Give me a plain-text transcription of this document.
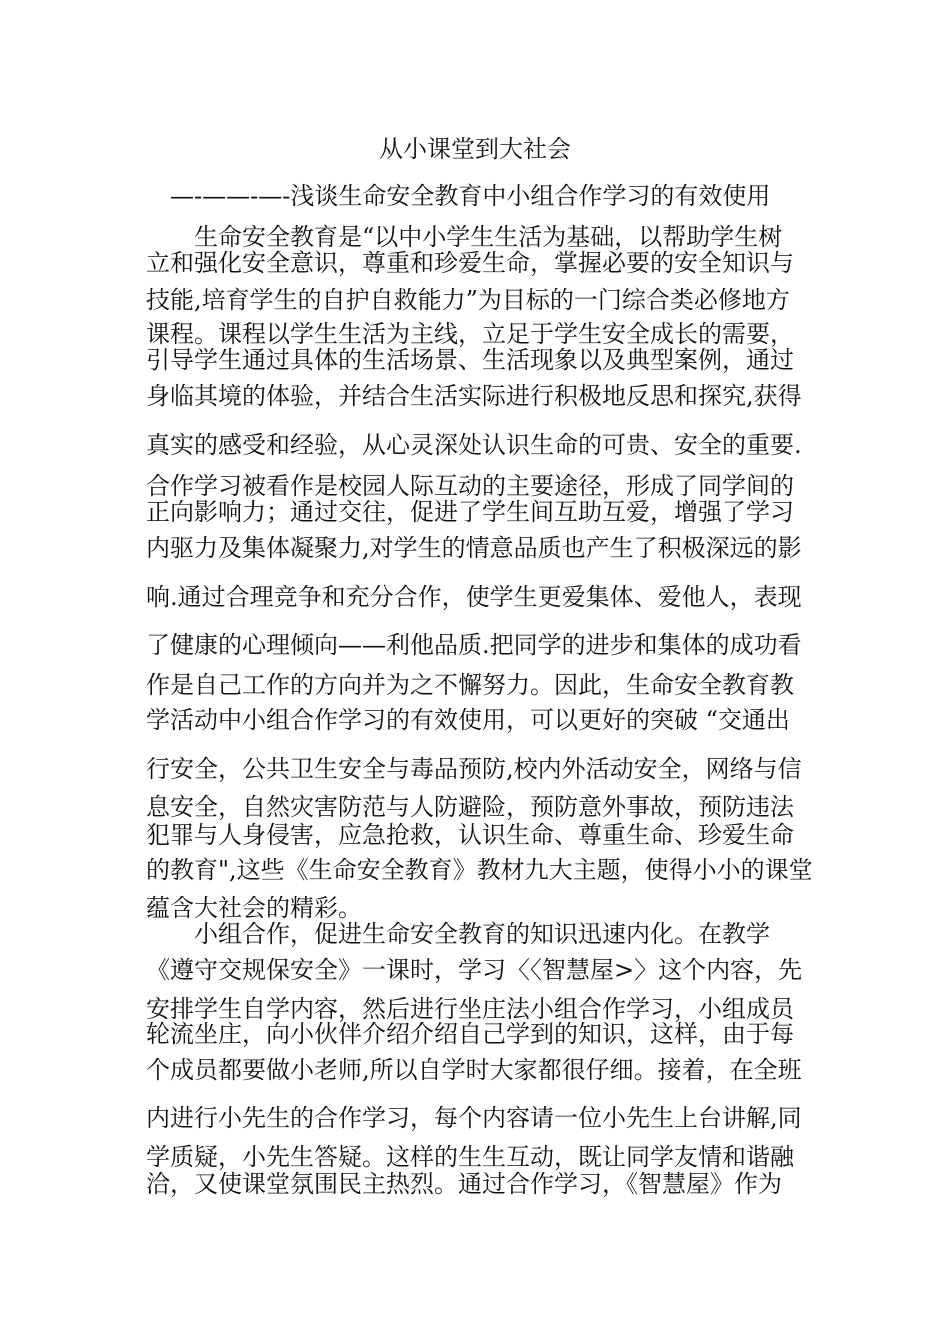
从小课堂到大社会
—-——-—-浅谈生命安全教育中小组合作学习的有效使用
生命安全教育是“以中小学生生活为基础，以帮助学生树
立和强化安全意识，尊重和珍爱生命，掌握必要的安全知识与
技能,培育学生的自护自救能力”为目标的一门综合类必修地方
课程。课程以学生生活为主线，立足于学生安全成长的需要，
引导学生通过具体的生活场景、生活现象以及典型案例，通过
身临其境的体验，并结合生活实际进行积极地反思和探究,获得
真实的感受和经验，从心灵深处认识生命的可贵、安全的重要.
合作学习被看作是校园人际互动的主要途径，形成了同学间的
正向影响力；通过交往，促进了学生间互助互爱，增强了学习
内驱力及集体凝聚力,对学生的情意品质也产生了积极深远的影
响.通过合理竞争和充分合作，使学生更爱集体、爱他人，表现
了健康的心理倾向——利他品质.把同学的进步和集体的成功看
作是自己工作的方向并为之不懈努力。因此，生命安全教育教
学活动中小组合作学习的有效使用，可以更好的突破 “交通出
行安全，公共卫生安全与毒品预防,校内外活动安全，网络与信
息安全，自然灾害防范与人防避险，预防意外事故，预防违法
犯罪与人身侵害，应急抢救，认识生命、尊重生命、珍爱生命
的教育",这些《生命安全教育》教材九大主题，使得小小的课堂
蕴含大社会的精彩。
小组合作，促进生命安全教育的知识迅速内化。在教学
《遵守交规保安全》一课时，学习〈〈智慧屋>〉这个内容，先
安排学生自学内容，然后进行坐庄法小组合作学习，小组成员
轮流坐庄，向小伙伴介绍介绍自己学到的知识，这样，由于每
个成员都要做小老师,所以自学时大家都很仔细。接着，在全班
内进行小先生的合作学习，每个内容请一位小先生上台讲解,同
学质疑，小先生答疑。这样的生生互动，既让同学友情和谐融
洽，又使课堂氛围民主热烈。通过合作学习，《智慧屋》作为
